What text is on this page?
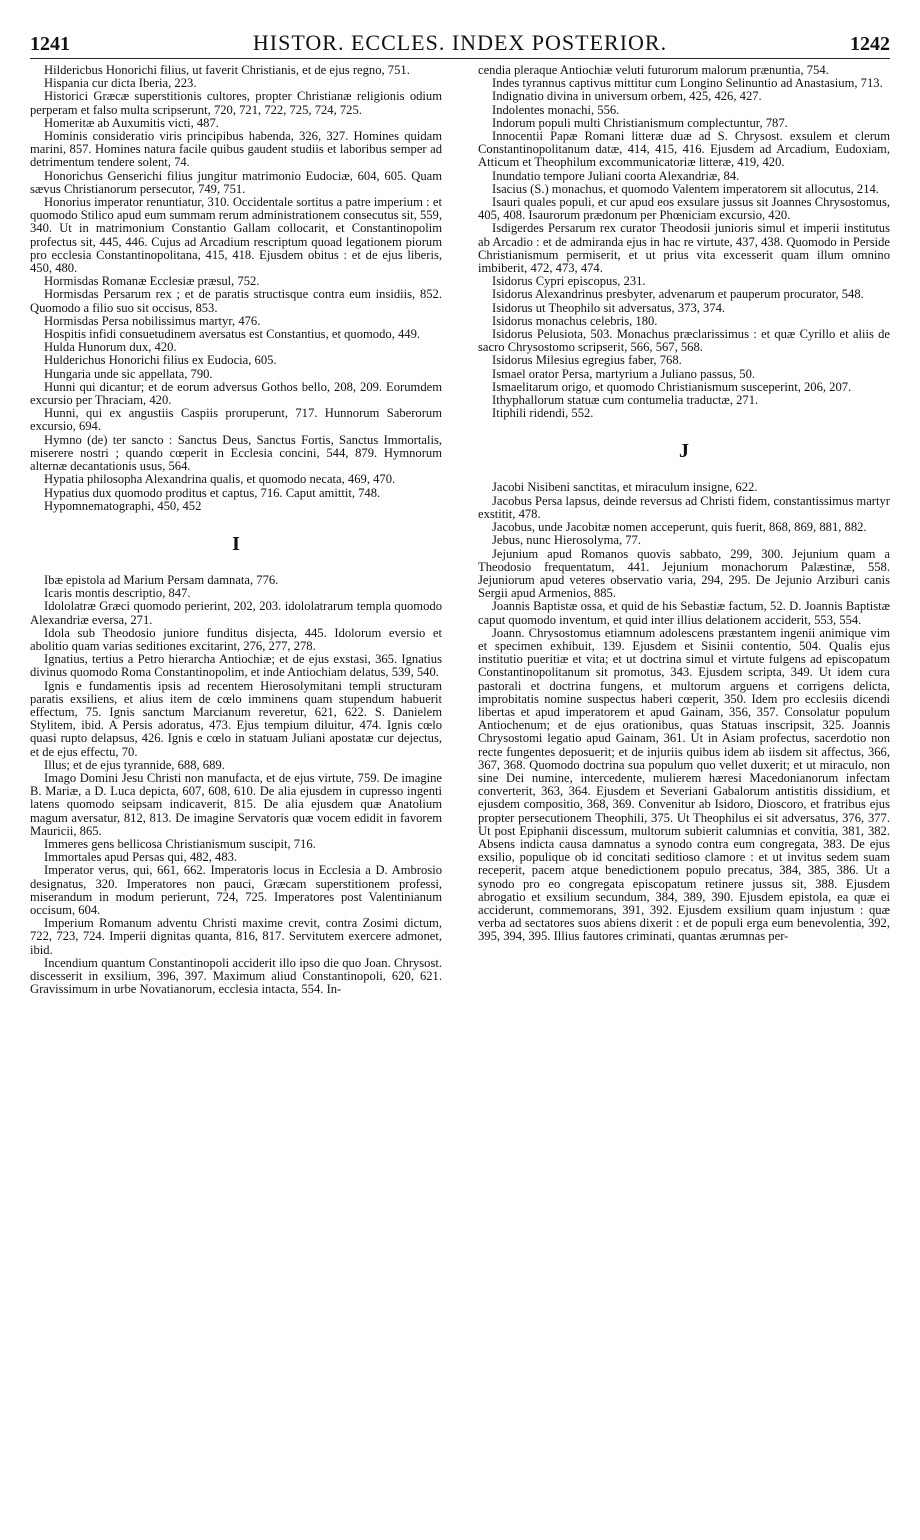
1241	HISTOR. ECCLES. INDEX POSTERIOR.	1242

Hildericbus Honorichi filius, ut faverit Christianis, et de ejus regno, 751.

Hispania cur dicta Iberia, 223.

Historici Græcæ superstitionis cultores, propter Christianæ religionis odium perperam et falso multa scripserunt, 720, 721, 722, 725, 724, 725.

Homeritæ ab Auxumitis victi, 487.

Hominis consideratio viris principibus habenda, 326, 327. Homines quidam marini, 857. Homines natura facile quibus gaudent studiis et laboribus semper ad detrimentum tendere solent, 74.

Honorichus Genserichi filius jungitur matrimonio Eudociæ, 604, 605. Quam sævus Christianorum persecutor, 749, 751.

Honorius imperator renuntiatur, 310. Occidentale sortitus a patre imperium : et quomodo Stilico apud eum summam rerum administrationem consecutus sit, 559, 340. Ut in matrimonium Constantio Gallam collocarit, et Constantinopolim profectus sit, 445, 446. Cujus ad Arcadium rescriptum quoad legationem piorum pro ecclesia Constantinopolitana, 415, 418. Ejusdem obitus : et de ejus liberis, 450, 480.

Hormisdas Romanæ Ecclesiæ præsul, 752.

Hormisdas Persarum rex ; et de paratis structisque contra eum insidiis, 852. Quomodo a filio suo sit occisus, 853.

Hormisdas Persa nobilissimus martyr, 476.

Hospitis infidi consuetudinem aversatus est Constantius, et quomodo, 449.

Hulda Hunorum dux, 420.

Hulderichus Honorichi filius ex Eudocia, 605.

Hungaria unde sic appellata, 790.

Hunni qui dicantur; et de eorum adversus Gothos bello, 208, 209. Eorumdem excursio per Thraciam, 420.

Hunni, qui ex angustiis Caspiis proruperunt, 717. Hunnorum Saberorum excursio, 694.

Hymno (de) ter sancto : Sanctus Deus, Sanctus Fortis, Sanctus Immortalis, miserere nostri ; quando cœperit in Ecclesia concini, 544, 879. Hymnorum alternæ decantationis usus, 564.

Hypatia philosopha Alexandrina qualis, et quomodo necata, 469, 470.

Hypatius dux quomodo proditus et captus, 716. Caput amittit, 748.

Hypomnematographi, 450, 452

I

Ibæ epistola ad Marium Persam damnata, 776.

Icaris montis descriptio, 847.

Idololatræ Græci quomodo perierint, 202, 203. idololatrarum templa quomodo Alexandriæ eversa, 271.

Idola sub Theodosio juniore funditus disjecta, 445. Idolorum eversio et abolitio quam varias seditiones excitarint, 276, 277, 278.

Ignatius, tertius a Petro hierarcha Antiochiæ; et de ejus exstasi, 365. Ignatius divinus quomodo Roma Constantinopolim, et inde Antiochiam delatus, 539, 540.

Ignis e fundamentis ipsis ad recentem Hierosolymitani templi structuram paratis exsiliens, et alius item de cœlo imminens quam stupendum habuerit effectum, 75. Ignis sanctum Marcianum reveretur, 621, 622. S. Danielem Stylitem, ibid. A Persis adoratus, 473. Ejus tempium diluitur, 474. Ignis cœlo quasi rupto delapsus, 426. Ignis e cœlo in statuam Juliani apostatæ cur dejectus, et de ejus effectu, 70.

Illus; et de ejus tyrannide, 688, 689.

Imago Domini Jesu Christi non manufacta, et de ejus virtute, 759. De imagine B. Mariæ, a D. Luca depicta, 607, 608, 610. De alia ejusdem in cupresso ingenti latens quomodo seipsam indicaverit, 815. De alia ejusdem quæ Anatolium magum aversatur, 812, 813. De imagine Servatoris quæ vocem edidit in favorem Mauricii, 865.

Immeres gens bellicosa Christianismum suscipit, 716.

Immortales apud Persas qui, 482, 483.

Imperator verus, qui, 661, 662. Imperatoris locus in Ecclesia a D. Ambrosio designatus, 320. Imperatores non pauci, Græcam superstitionem professi, miserandum in modum perierunt, 724, 725. Imperatores post Valentinianum occisum, 604.

Imperium Romanum adventu Christi maxime crevit, contra Zosimi dictum, 722, 723, 724. Imperii dignitas quanta, 816, 817. Servitutem exercere admonet, ibid.

Incendium quantum Constantinopoli acciderit illo ipso die quo Joan. Chrysost. discesserit in exsilium, 396, 397. Maximum aliud Constantinopoli, 620, 621. Gravissimum in urbe Novatianorum, ecclesia intacta, 554. In-

cendia pleraque Antiochiæ veluti futurorum malorum prænuntia, 754.

Indes tyrannus captivus mittitur cum Longino Selinuntio ad Anastasium, 713.

Indignatio divina in universum orbem, 425, 426, 427.

Indolentes monachi, 556.

Indorum populi multi Christianismum complectuntur, 787.

Innocentii Papæ Romani litteræ duæ ad S. Chrysost. exsulem et clerum Constantinopolitanum datæ, 414, 415, 416. Ejusdem ad Arcadium, Eudoxiam, Atticum et Theophilum excommunicatoriæ litteræ, 419, 420.

Inundatio tempore Juliani coorta Alexandriæ, 84.

Isacius (S.) monachus, et quomodo Valentem imperatorem sit allocutus, 214.

Isauri quales populi, et cur apud eos exsulare jussus sit Joannes Chrysostomus, 405, 408. Isaurorum prædonum per Phœniciam excursio, 420.

Isdigerdes Persarum rex curator Theodosii junioris simul et imperii institutus ab Arcadio : et de admiranda ejus in hac re virtute, 437, 438. Quomodo in Perside Christianismum permiserit, et ut prius vita excesserit quam illum omnino imbiberit, 472, 473, 474.

Isidorus Cypri episcopus, 231.

Isidorus Alexandrinus presbyter, advenarum et pauperum procurator, 548.

Isidorus ut Theophilo sit adversatus, 373, 374.

Isidorus monachus celebris, 180.

Isidorus Pelusiota, 503. Monachus præclarissimus : et quæ Cyrillo et aliis de sacro Chrysostomo scripserit, 566, 567, 568.

Isidorus Milesius egregius faber, 768.

Ismael orator Persa, martyrium a Juliano passus, 50.

Ismaelitarum origo, et quomodo Christianismum susceperint, 206, 207.

Ithyphallorum statuæ cum contumelia traductæ, 271.

Itiphili ridendi, 552.

J

Jacobi Nisibeni sanctitas, et miraculum insigne, 622.

Jacobus Persa lapsus, deinde reversus ad Christi fidem, constantissimus martyr exstitit, 478.

Jacobus, unde Jacobitæ nomen acceperunt, quis fuerit, 868, 869, 881, 882.

Jebus, nunc Hierosolyma, 77.

Jejunium apud Romanos quovis sabbato, 299, 300. Jejunium quam a Theodosio frequentatum, 441. Jejunium monachorum Palæstinæ, 558. Jejuniorum apud veteres observatio varia, 294, 295. De Jejunio Arziburi canis Sergii apud Armenios, 885.

Joannis Baptistæ ossa, et quid de his Sebastiæ factum, 52. D. Joannis Baptistæ caput quomodo inventum, et quid inter illius delationem acciderit, 553, 554.

Joann. Chrysostomus etiamnum adolescens præstantem ingenii animique vim et specimen exhibuit, 139. Ejusdem et Sisinii contentio, 504. Qualis ejus institutio pueritiæ et vita; et ut doctrina simul et virtute fulgens ad episcopatum Constantinopolitanum sit promotus, 343. Ejusdem scripta, 349. Ut idem cura pastorali et doctrina fungens, et multorum arguens et corrigens delicta, improbitatis nomine suspectus haberi cœperit, 350. Idem pro ecclesiis dicendi libertas et apud imperatorem et apud Gainam, 356, 357. Consolatur populum Antiochenum; et de ejus orationibus, quas Statuas inscripsit, 325. Joannis Chrysostomi legatio apud Gainam, 361. Ut in Asiam profectus, sacerdotio non recte fungentes deposuerit; et de injuriis quibus idem ab iisdem sit affectus, 366, 367, 368. Quomodo doctrina sua populum quo vellet duxerit; et ut miraculo, non sine Dei numine, intercedente, mulierem hæresi Macedonianorum infectam converterit, 363, 364. Ejusdem et Severiani Gabalorum antistitis dissidium, et ejusdem compositio, 368, 369. Convenitur ab Isidoro, Dioscoro, et fratribus ejus propter persecutionem Theophili, 375. Ut Theophilus ei sit adversatus, 376, 377. Ut post Epiphanii discessum, multorum subierit calumnias et convitia, 381, 382. Absens indicta causa damnatus a synodo contra eum congregata, 383. De ejus exsilio, populique ob id concitati seditioso clamore : et ut invitus sedem suam receperit, pacem atque benedictionem populo precatus, 384, 385, 386. Ut a synodo pro eo congregata episcopatum retinere jussus sit, 388. Ejusdem abrogatio et exsilium secundum, 384, 389, 390. Ejusdem epistola, ea quæ ei acciderunt, commemorans, 391, 392. Ejusdem exsilium quam injustum : quæ verba ad sectatores suos abiens dixerit : et de populi erga eum benevolentia, 392, 395, 394, 395. Illius fautores criminati, quantas ærumnas per-
